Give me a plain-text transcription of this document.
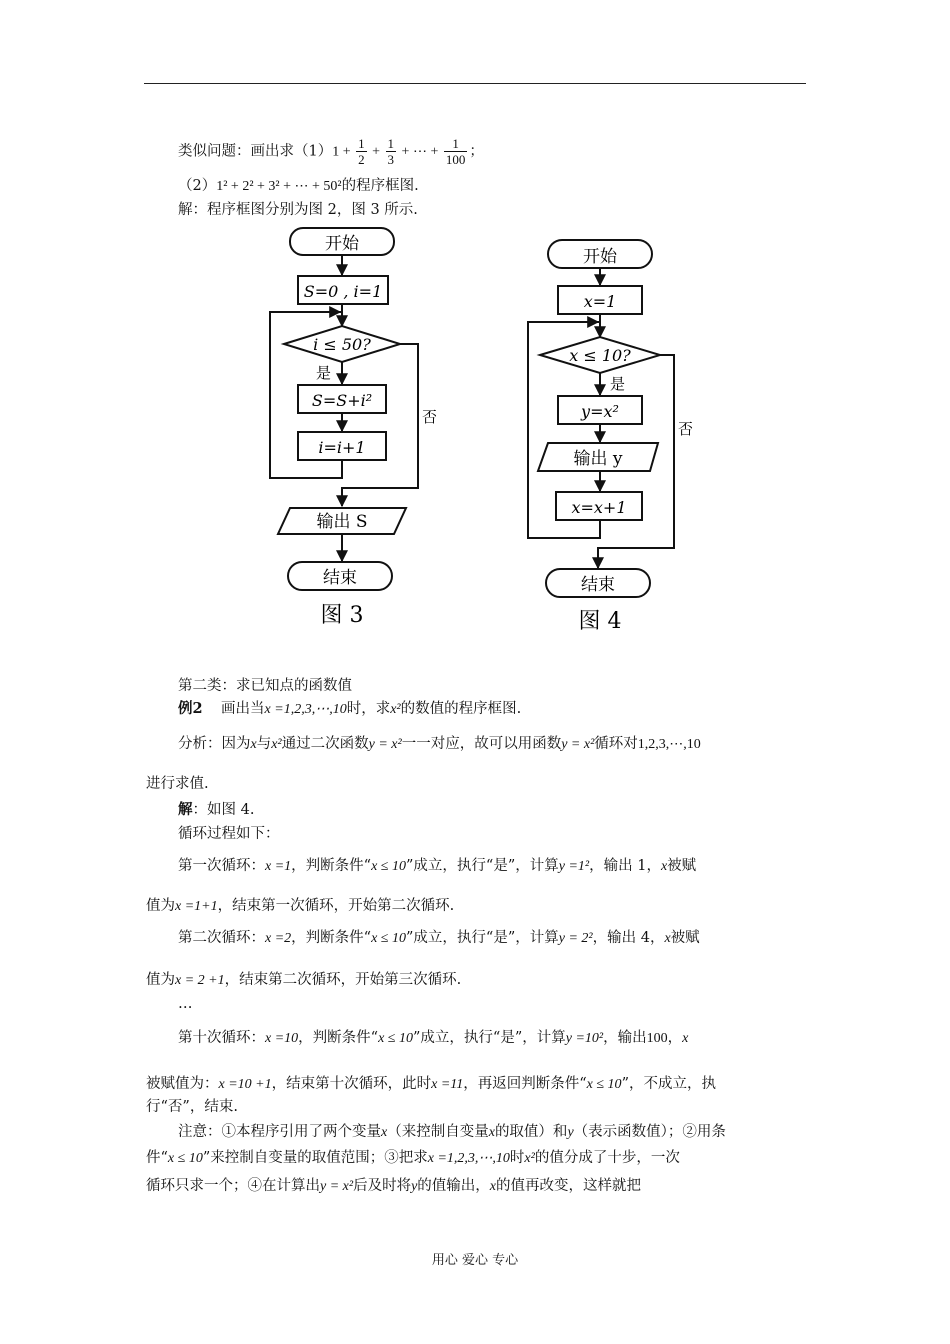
类似问题：画出求$(1)1 + \frac{1}{2} + \frac{1}{3}$ + ⋯ + $\frac{1}{100}$ ；
（2）1² + 2² + 3² + ⋯ + 50²的程序框图.
解：程序框图分别为图 2，图 3 所示.
开始
S=0 , i=1
i ≤ 50?
是
否
S=S+i²
i=i+1
输出 S
结束
图 3
开始
x=1
x ≤ 10?
是
否
y=x²
输出 y
x=x+1
结束
图 4
第二类：求已知点的函数值
例2 画出当x =1,2,3,⋯,10时，求x²的数值的程序框图.
分析：因为x与x²通过二次函数y = x²一一对应，故可以用函数y = x²循环对1,2,3,⋯,10
进行求值.
解：如图 4.
循环过程如下：
第一次循环：x =1，判断条件“x ≤ 10”成立，执行“是”，计算y =1²，输出 1，x被赋
值为x =1+1，结束第一次循环，开始第二次循环.
第二次循环：x =2，判断条件“x ≤ 10”成立，执行“是”，计算y = 2²，输出 4，x被赋
值为x = 2 +1，结束第二次循环，开始第三次循环.
…
第十次循环：x =10，判断条件“x ≤ 10”成立，执行“是”，计算y =10²，输出100，x
被赋值为：x =10 +1，结束第十次循环，此时x =11，再返回判断条件“x ≤ 10”，不成立，执
行“否”，结束.
注意：①本程序引用了两个变量x（来控制自变量x的取值）和y（表示函数值）；②用条
件“x ≤ 10”来控制自变量的取值范围；③把求x =1,2,3,⋯,10时x²的值分成了十步，一次
循环只求一个；④在计算出y = x²后及时将y的值输出，x的值再改变，这样就把
用心 爱心 专心
